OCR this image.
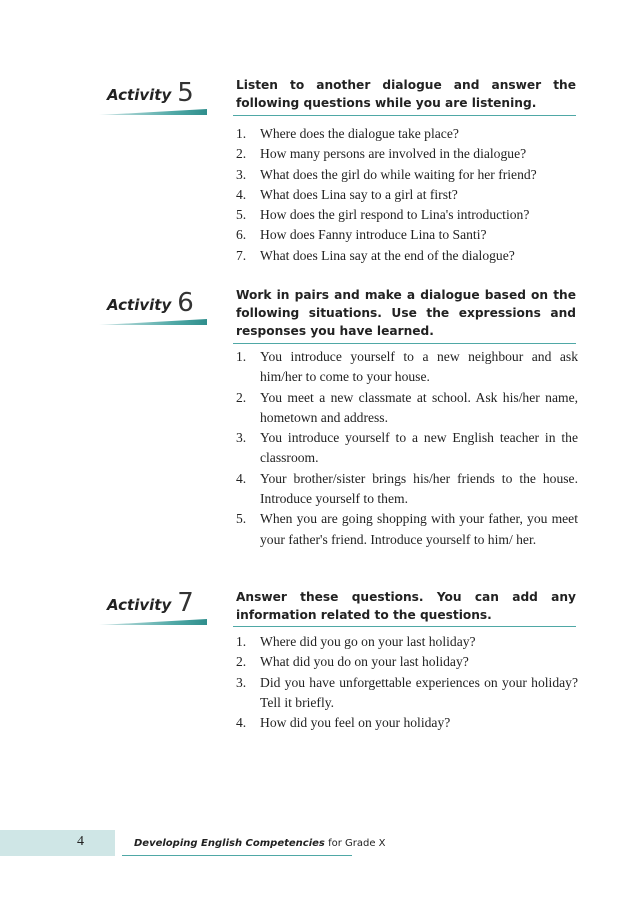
Activity 5	Listen to another dialogue and answer the following questions while you are listening.
1.	Where does the dialogue take place?
2.	How many persons are involved in the dialogue?
3.	What does the girl do while waiting for her friend?
4.	What does Lina say to a girl at first?
5.	How does the girl respond to Lina's introduction?
6.	How does Fanny introduce Lina to Santi?
7.	What does Lina say at the end of the dialogue?
Activity 6	Work in pairs and make a dialogue based on the following situations. Use the expressions and responses you have learned.
1.	You introduce yourself to a new neighbour and ask him/her to come to your house.
2.	You meet a new classmate at school. Ask his/her name, hometown and address.
3.	You introduce yourself to a new English teacher in the classroom.
4.	Your brother/sister brings his/her friends to the house. Introduce yourself to them.
5.	When you are going shopping with your father, you meet your father's friend. Introduce yourself to him/ her.
Activity 7	Answer these questions. You can add any information related to the questions.
1.	Where did you go on your last holiday?
2.	What did you do on your last holiday?
3.	Did you have unforgettable experiences on your holiday? Tell it briefly.
4.	How did you feel on your holiday?
4	Developing English Competencies for Grade X
